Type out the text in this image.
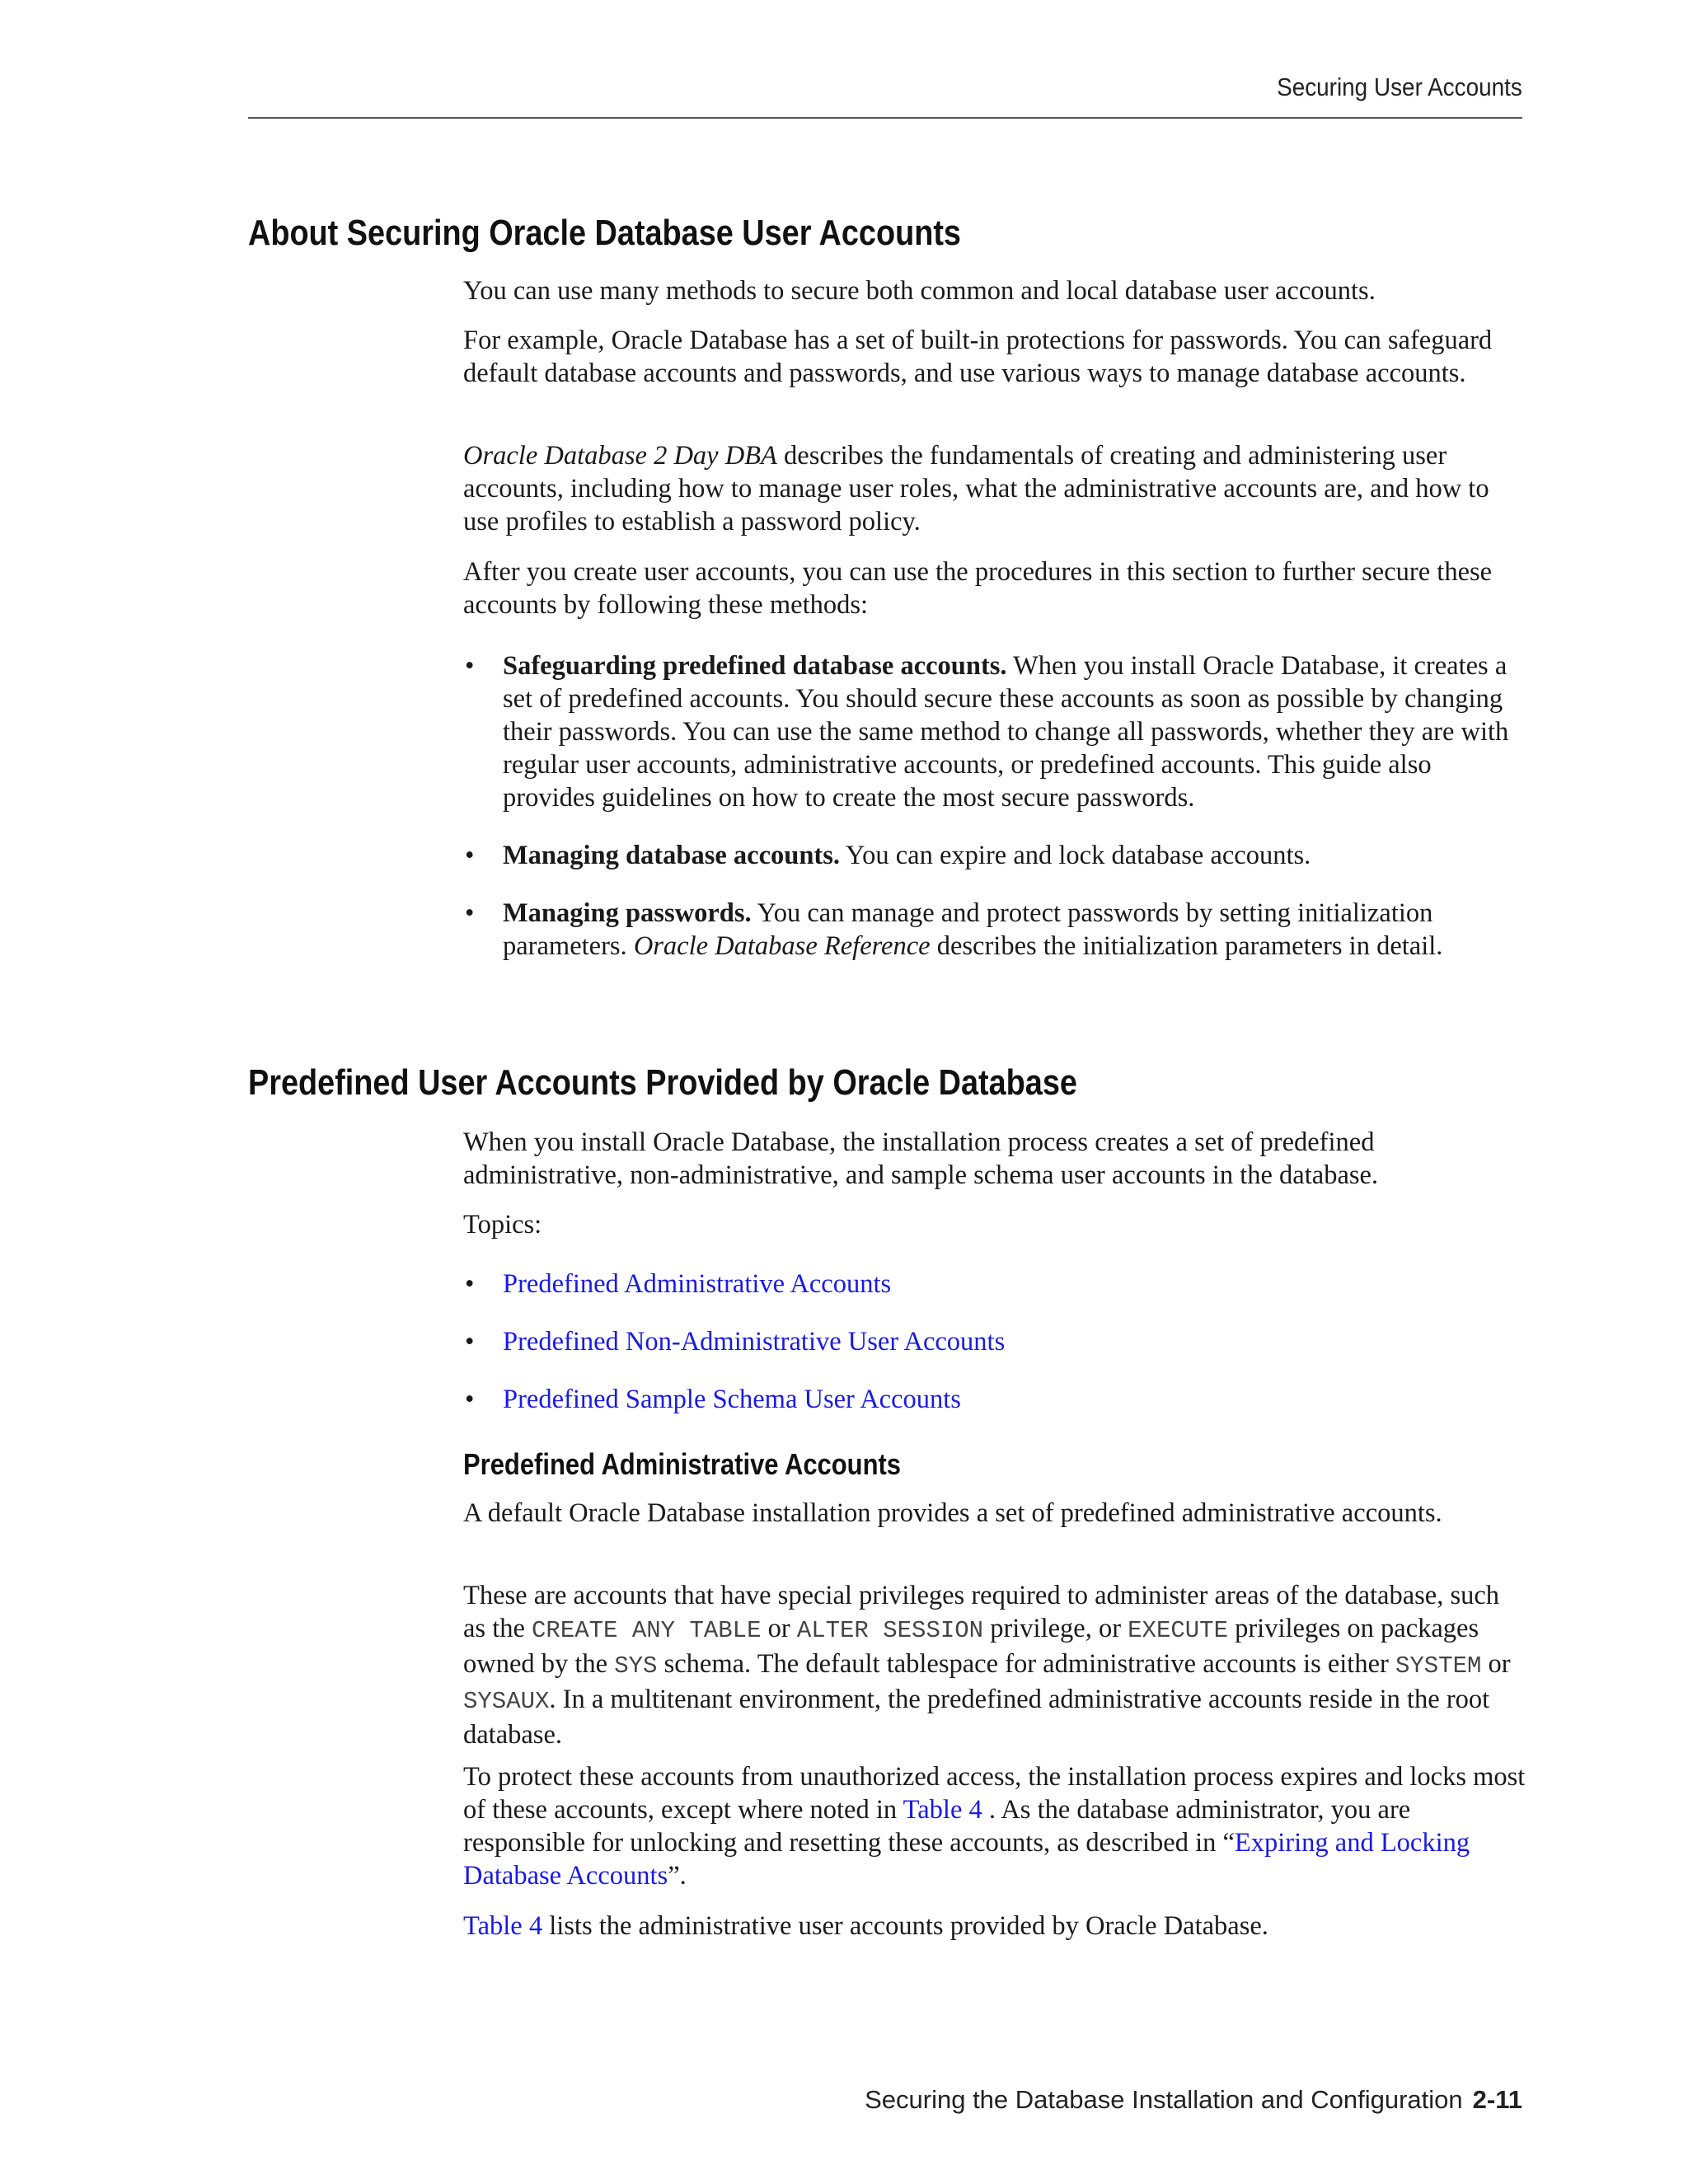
Securing User Accounts
About Securing Oracle Database User Accounts

You can use many methods to secure both common and local database user accounts.

For example, Oracle Database has a set of built-in protections for passwords. You can safeguard default database accounts and passwords, and use various ways to manage database accounts.

Oracle Database 2 Day DBA describes the fundamentals of creating and administering user accounts, including how to manage user roles, what the administrative accounts are, and how to use profiles to establish a password policy.

After you create user accounts, you can use the procedures in this section to further secure these accounts by following these methods:

• Safeguarding predefined database accounts. When you install Oracle Database, it creates a set of predefined accounts. You should secure these accounts as soon as possible by changing their passwords. You can use the same method to change all passwords, whether they are with regular user accounts, administrative accounts, or predefined accounts. This guide also provides guidelines on how to create the most secure passwords.
• Managing database accounts. You can expire and lock database accounts.
• Managing passwords. You can manage and protect passwords by setting initialization parameters. Oracle Database Reference describes the initialization parameters in detail.
Predefined User Accounts Provided by Oracle Database

When you install Oracle Database, the installation process creates a set of predefined administrative, non-administrative, and sample schema user accounts in the database.

Topics:

• Predefined Administrative Accounts
• Predefined Non-Administrative User Accounts
• Predefined Sample Schema User Accounts
Predefined Administrative Accounts

A default Oracle Database installation provides a set of predefined administrative accounts.

These are accounts that have special privileges required to administer areas of the database, such as the CREATE ANY TABLE or ALTER SESSION privilege, or EXECUTE privileges on packages owned by the SYS schema. The default tablespace for administrative accounts is either SYSTEM or SYSAUX. In a multitenant environment, the predefined administrative accounts reside in the root database.

To protect these accounts from unauthorized access, the installation process expires and locks most of these accounts, except where noted in Table 4 . As the database administrator, you are responsible for unlocking and resetting these accounts, as described in “Expiring and Locking Database Accounts”.

Table 4 lists the administrative user accounts provided by Oracle Database.

Securing the Database Installation and Configuration 2-11
